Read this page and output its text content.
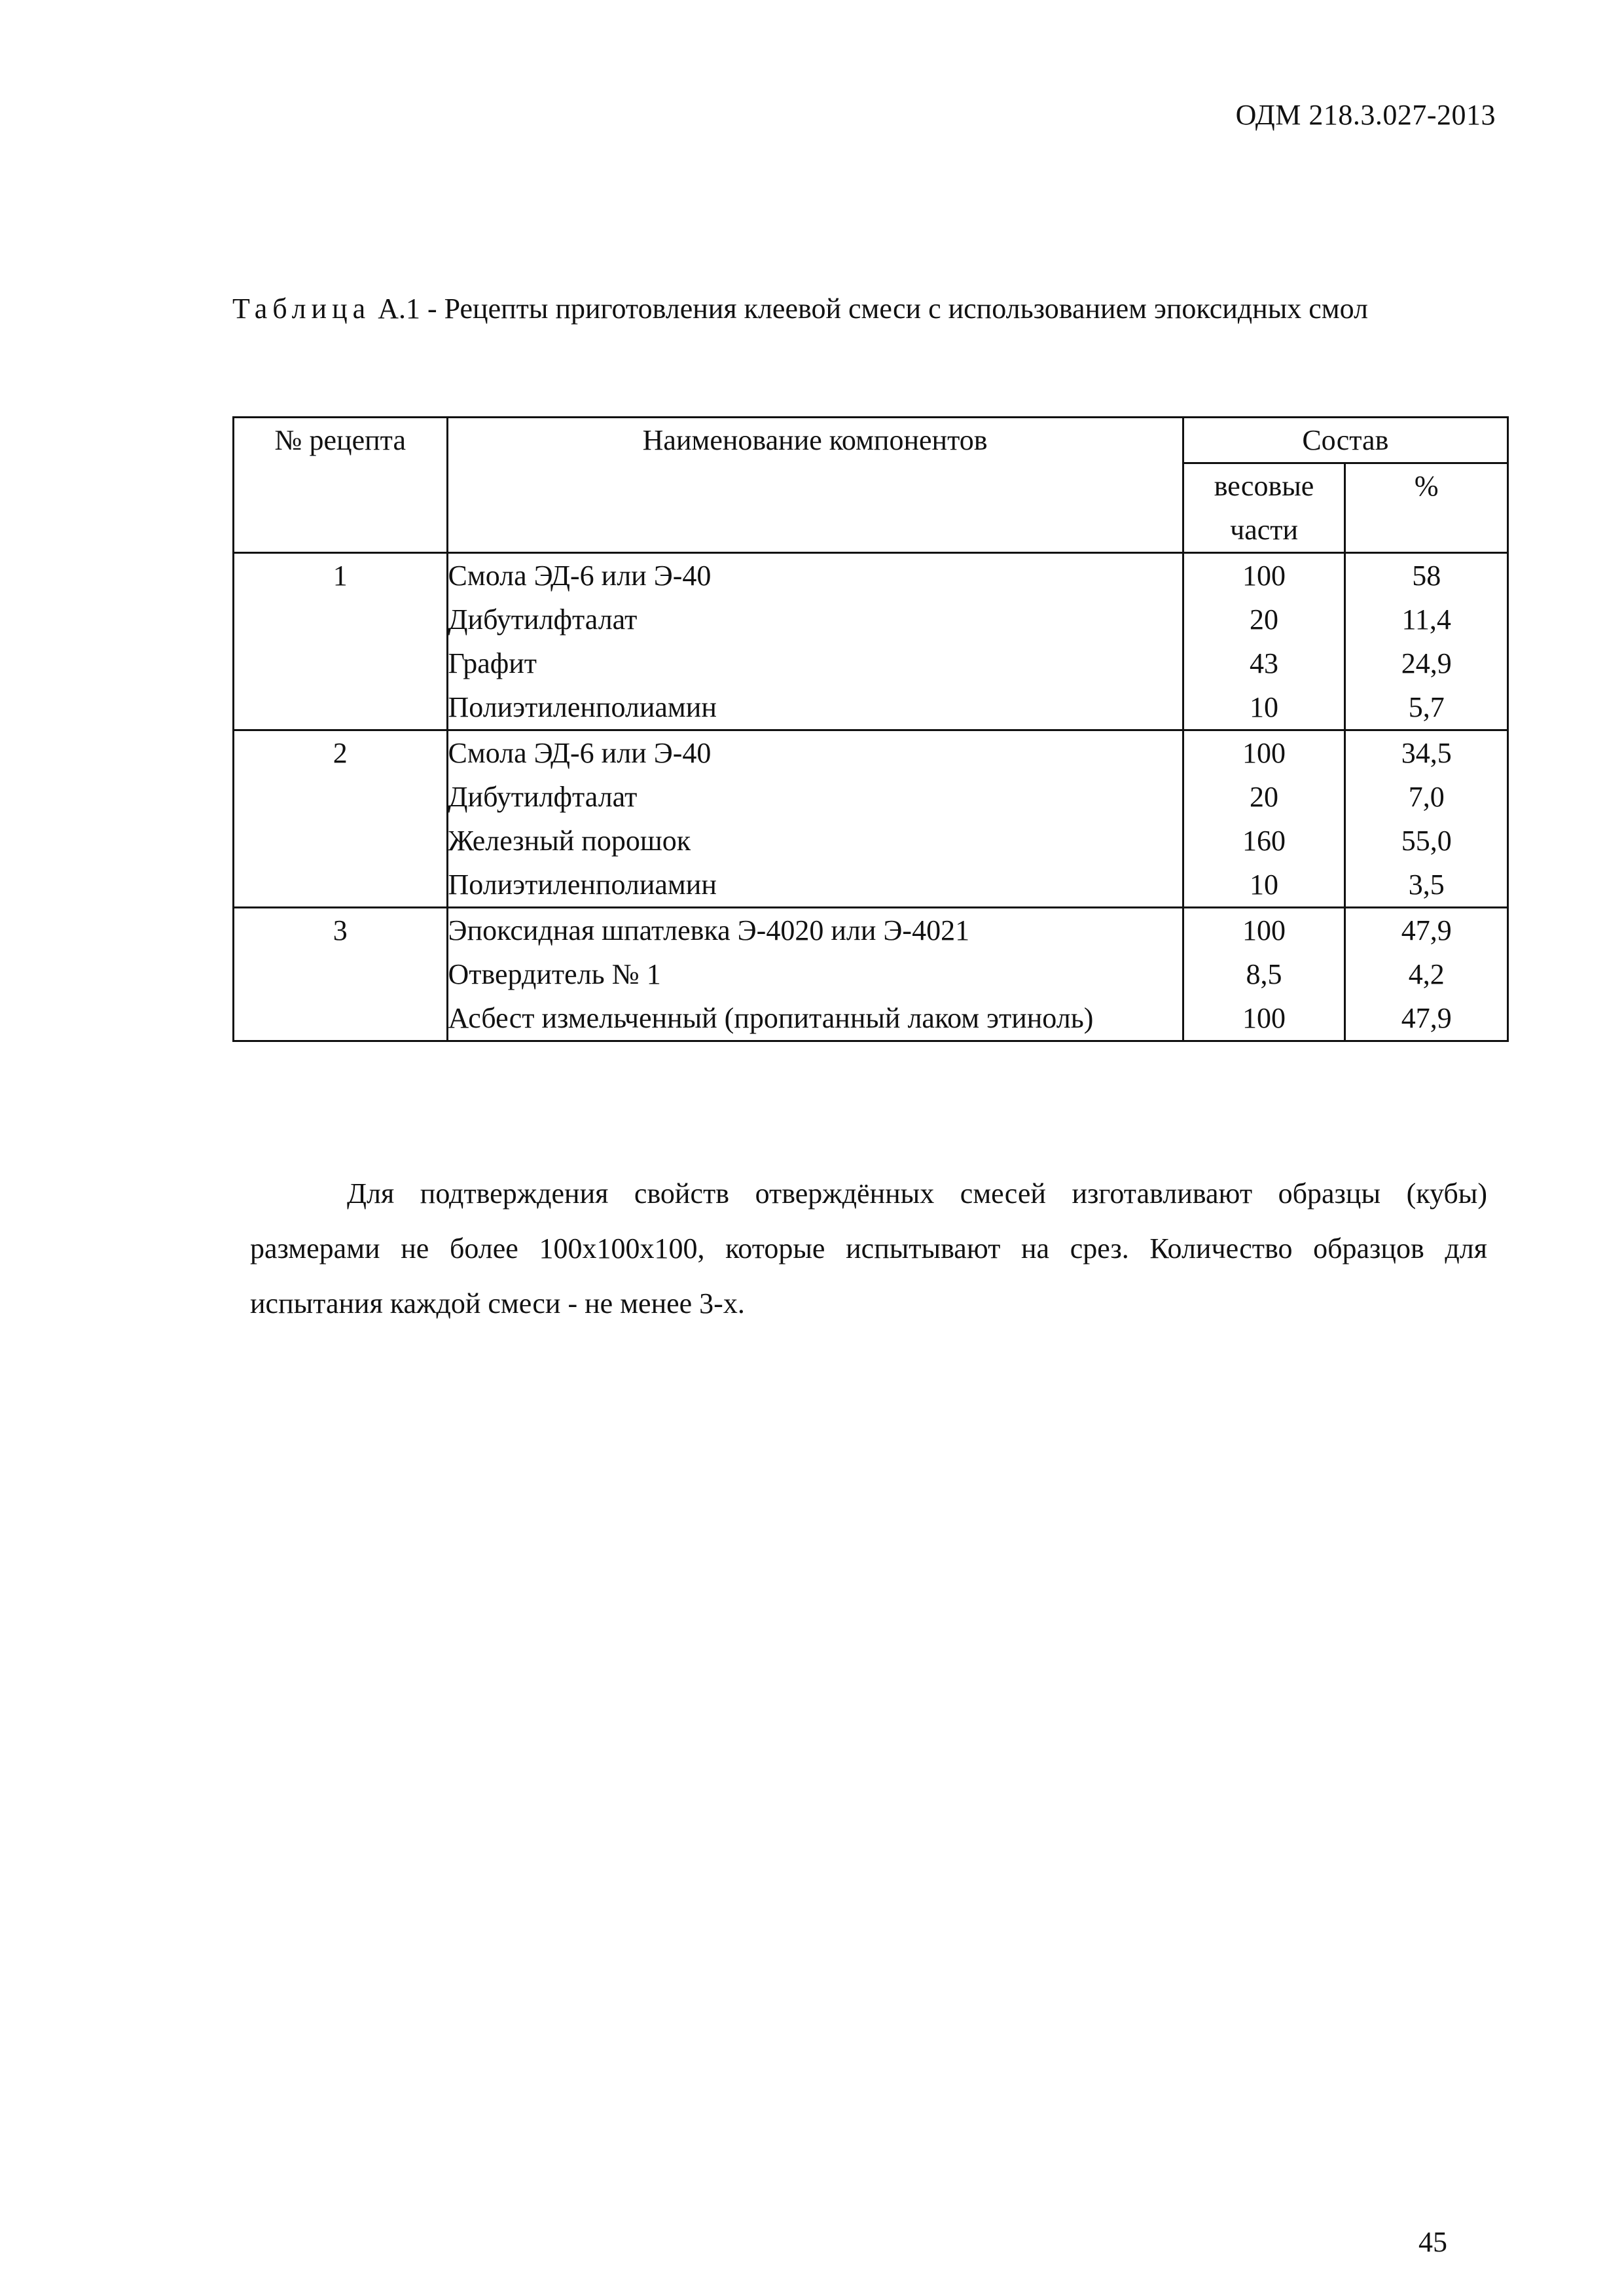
ОДМ 218.3.027-2013
Таблица А.1 - Рецепты приготовления клеевой смеси с использованием эпоксидных смол
№ рецепта	Наименование компонентов	Состав	
		весовые части	%
1	Смола ЭД-6 или Э-40	100	58
	Дибутилфталат	20	11,4
	Графит	43	24,9
	Полиэтиленполиамин	10	5,7
2	Смола ЭД-6 или Э-40	100	34,5
	Дибутилфталат	20	7,0
	Железный порошок	160	55,0
	Полиэтиленполиамин	10	3,5
3	Эпоксидная шпатлевка Э-4020 или Э-4021	100	47,9
	Отвердитель № 1	8,5	4,2
	Асбест измельченный (пропитанный лаком этиноль)	100	47,9

Для подтверждения свойств отверждённых смесей изготавливают образцы (кубы) размерами не более 100x100x100, которые испытывают на срез. Количество образцов для испытания каждой смеси - не менее 3-х.

45
